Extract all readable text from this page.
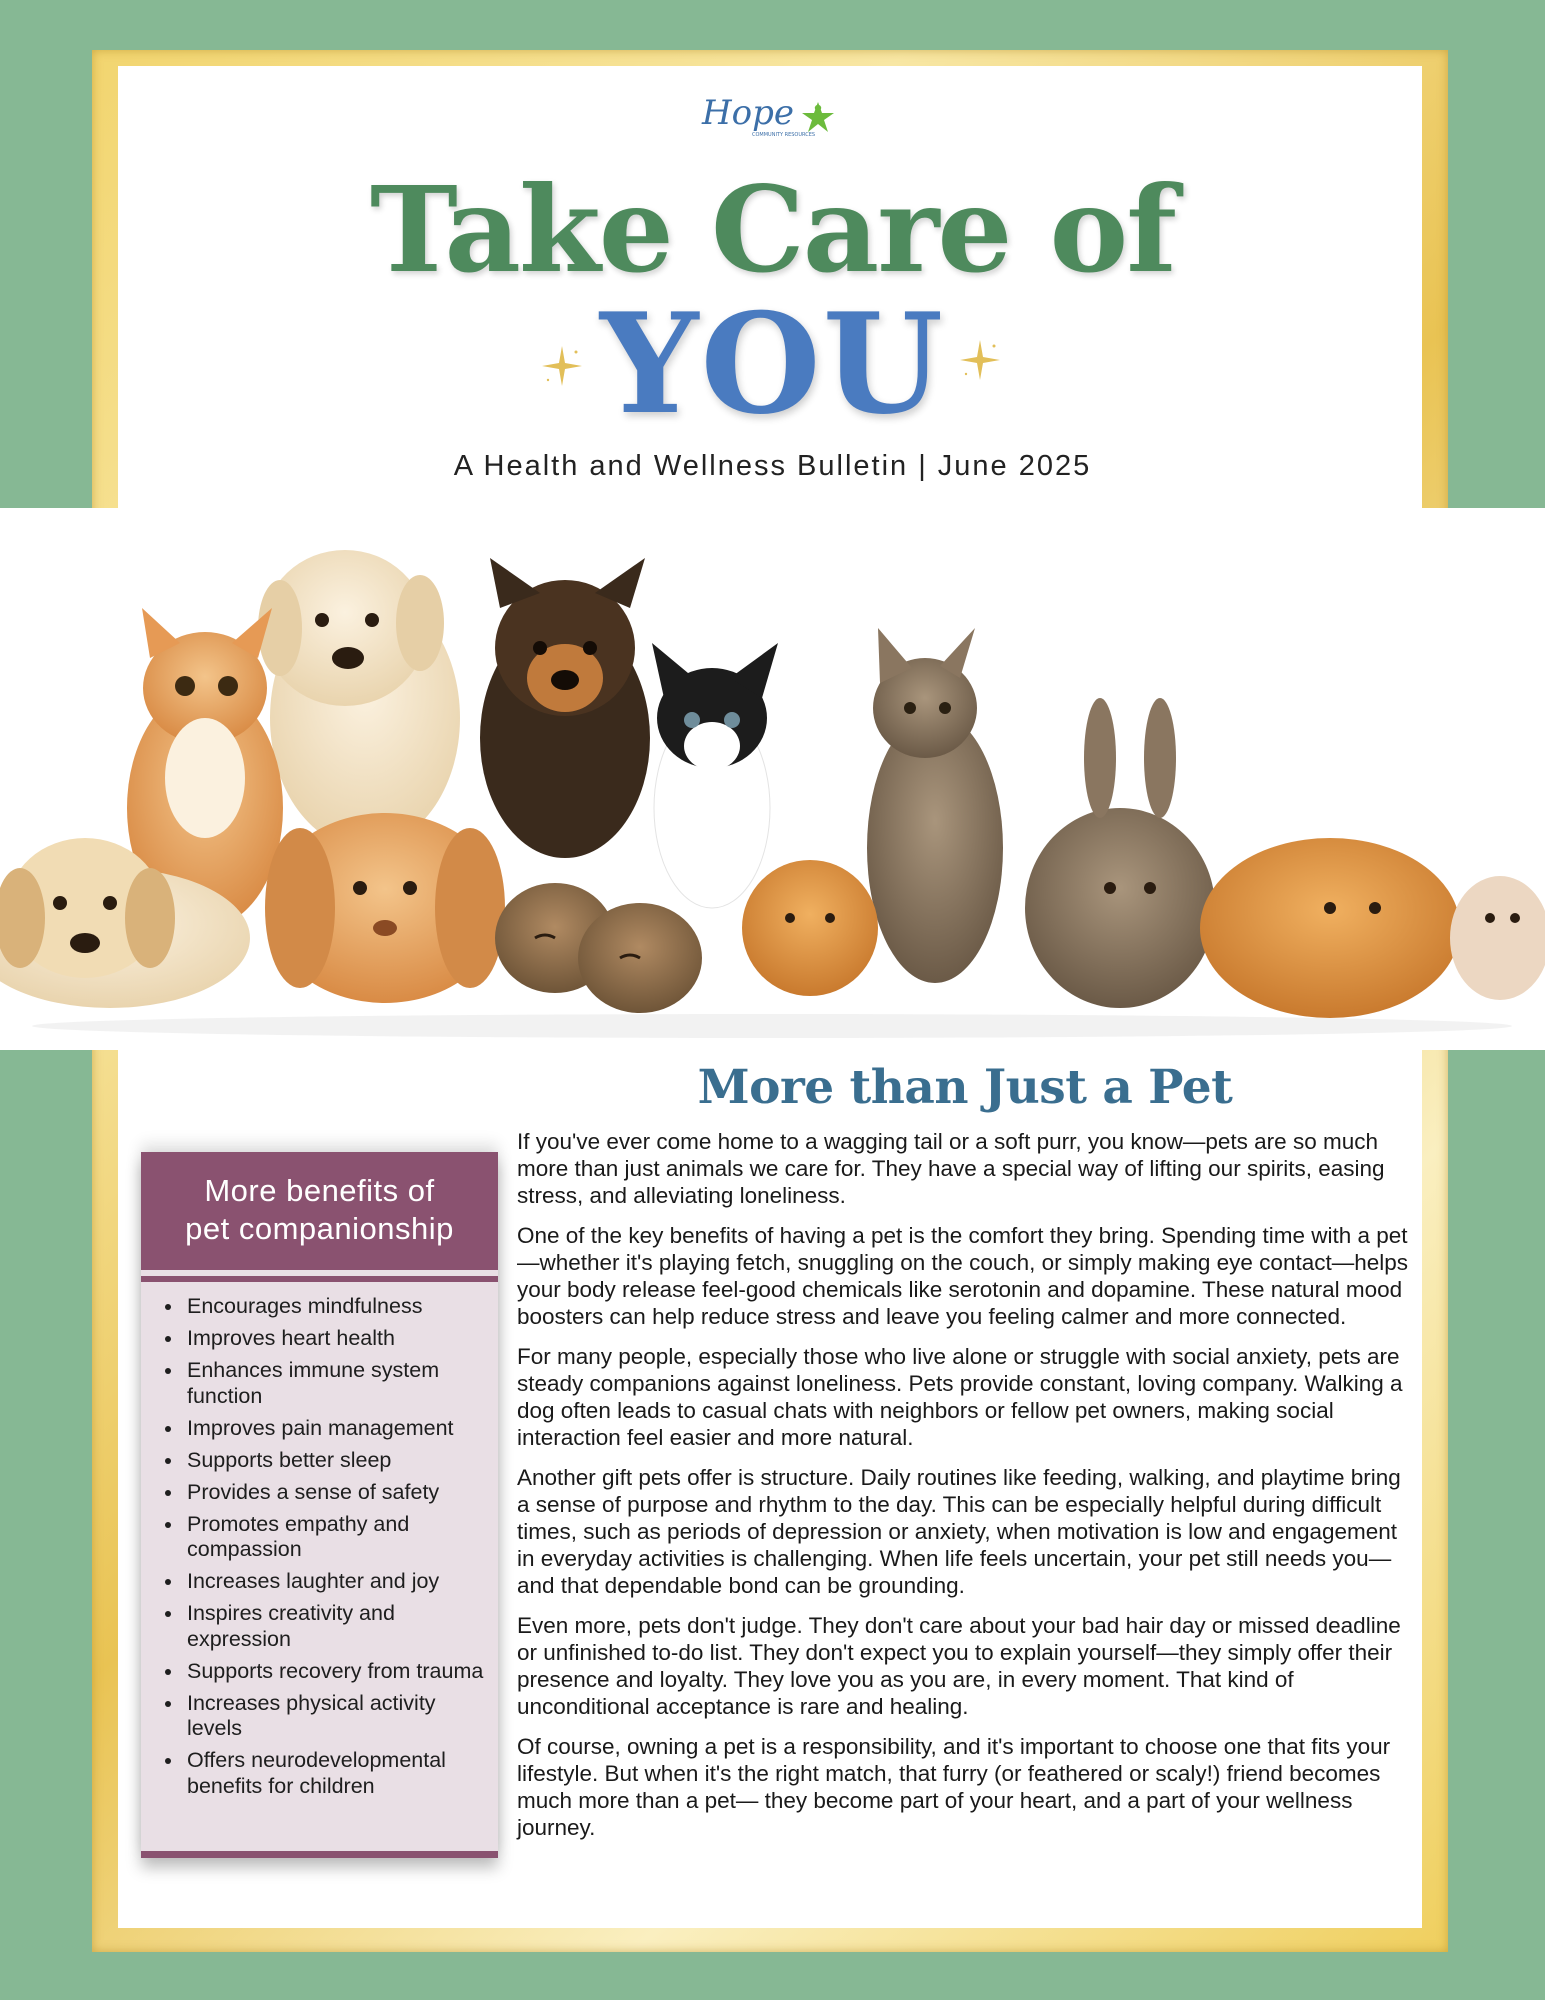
Hope
COMMUNITY RESOURCES
Take Care of
YOU
A Health and Wellness Bulletin | June 2025
More benefits of
pet companionship
Encourages mindfulness
Improves heart health
Enhances immune system function
Improves pain management
Supports better sleep
Provides a sense of safety
Promotes empathy and compassion
Increases laughter and joy
Inspires creativity and expression
Supports recovery from trauma
Increases physical activity levels
Offers neurodevelopmental benefits for children
More than Just a Pet

If you've ever come home to a wagging tail or a soft purr, you know—pets are so much more than just animals we care for. They have a special way of lifting our spirits, easing stress, and alleviating loneliness.

One of the key benefits of having a pet is the comfort they bring. Spending time with a pet—whether it's playing fetch, snuggling on the couch, or simply making eye contact—helps your body release feel-good chemicals like serotonin and dopamine. These natural mood boosters can help reduce stress and leave you feeling calmer and more connected.

For many people, especially those who live alone or struggle with social anxiety, pets are steady companions against loneliness. Pets provide constant, loving company. Walking a dog often leads to casual chats with neighbors or fellow pet owners, making social interaction feel easier and more natural.

Another gift pets offer is structure. Daily routines like feeding, walking, and playtime bring a sense of purpose and rhythm to the day. This can be especially helpful during difficult times, such as periods of depression or anxiety, when motivation is low and engagement in everyday activities is challenging. When life feels uncertain, your pet still needs you—and that dependable bond can be grounding.

Even more, pets don't judge. They don't care about your bad hair day or missed deadline or unfinished to-do list. They don't expect you to explain yourself—they simply offer their presence and loyalty. They love you as you are, in every moment. That kind of unconditional acceptance is rare and healing.

Of course, owning a pet is a responsibility, and it's important to choose one that fits your lifestyle. But when it's the right match, that furry (or feathered or scaly!) friend becomes much more than a pet— they become part of your heart, and a part of your wellness journey.
